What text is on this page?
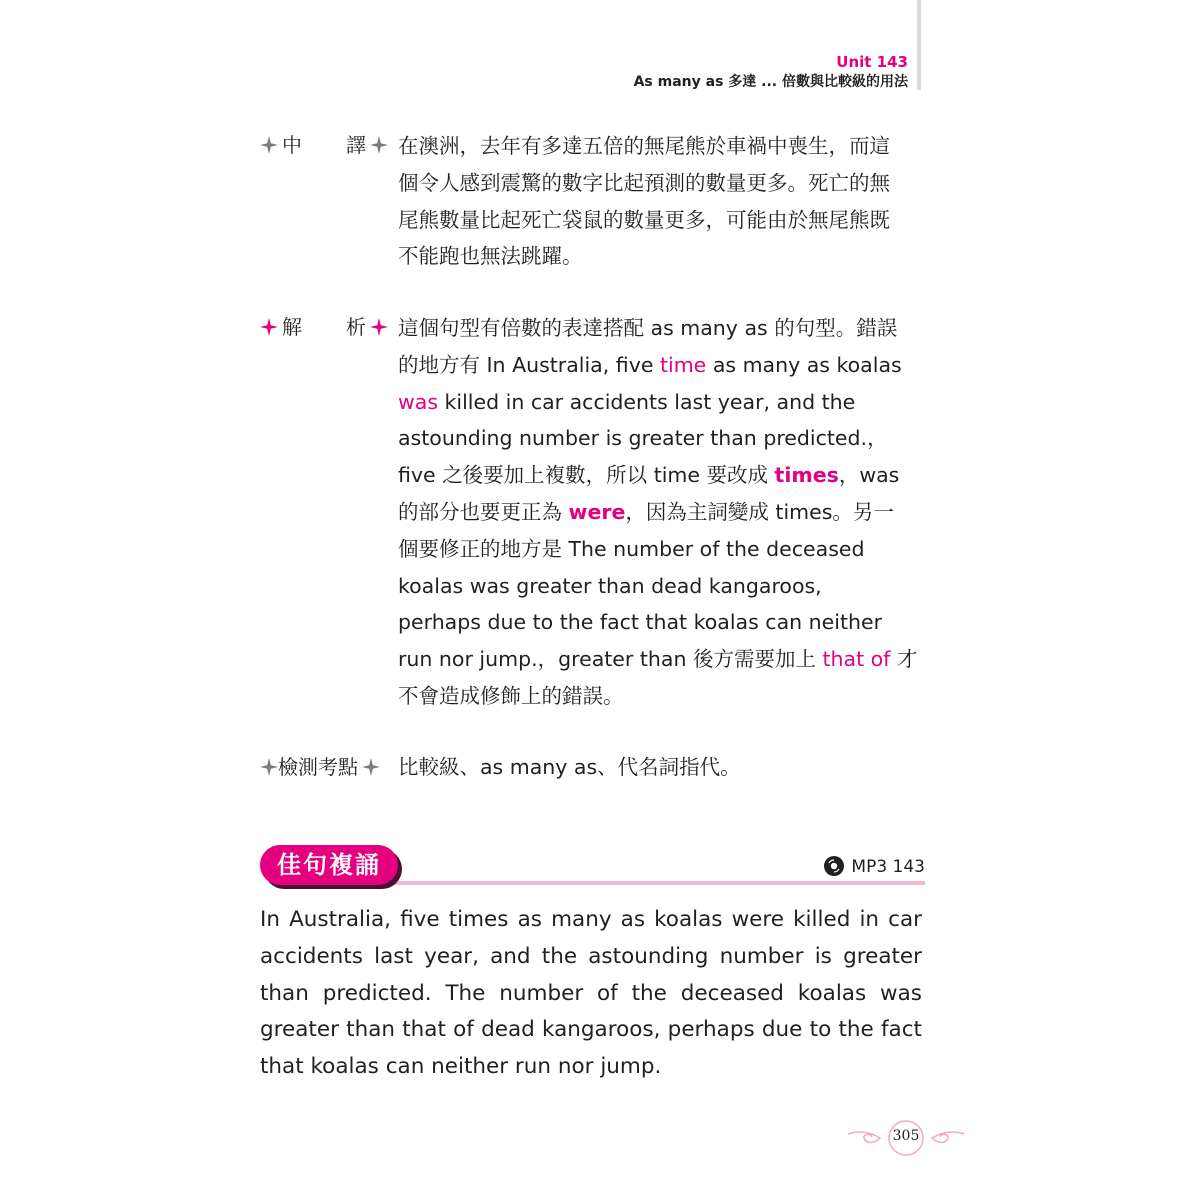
Unit 143
As many as 多達 ... 倍數與比較級的用法
中 譯 在澳洲，去年有多達五倍的無尾熊於車禍中喪生，而這
個令人感到震驚的數字比起預測的數量更多。死亡的無
尾熊數量比起死亡袋鼠的數量更多，可能由於無尾熊既
不能跑也無法跳躍。
解 析 這個句型有倍數的表達搭配 as many as 的句型。錯誤
的地方有 In Australia, five time as many as koalas
was killed in car accidents last year, and the
astounding number is greater than predicted.，
five 之後要加上複數，所以 time 要改成 times，was
的部分也要更正為 were，因為主詞變成 times。另一
個要修正的地方是 The number of the deceased
koalas was greater than dead kangaroos,
perhaps due to the fact that koalas can neither
run nor jump.，greater than 後方需要加上 that of 才
不會造成修飾上的錯誤。
檢測考點	比較級、as many as、代名詞指代。
佳句複誦	MP3 143
In Australia, five times as many as koalas were killed in car accidents last year, and the astounding number is greater than predicted. The number of the deceased koalas was greater than that of dead kangaroos, perhaps due to the fact that koalas can neither run nor jump.
305
